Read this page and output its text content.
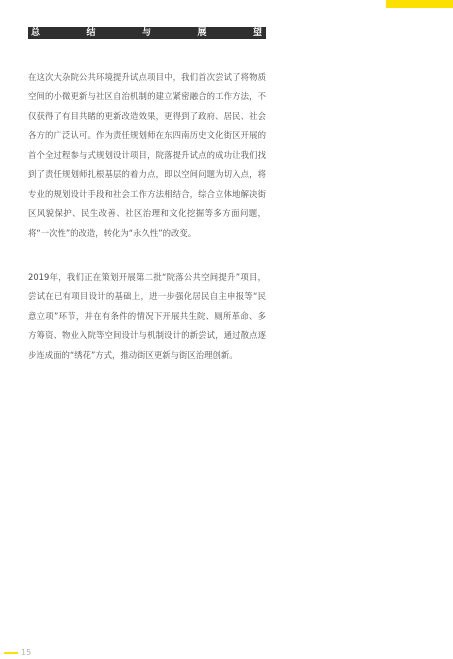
总	结	与	展	望

在这次大杂院公共环境提升试点项目中，我们首次尝试了将物质空间的小微更新与社区自治机制的建立紧密融合的工作方法，不仅获得了有目共睹的更新改造效果，更得到了政府、居民、社会各方的广泛认可。作为责任规划师在东四南历史文化街区开展的首个全过程参与式规划设计项目，院落提升试点的成功让我们找到了责任规划师扎根基层的着力点，即以空间问题为切入点，将专业的规划设计手段和社会工作方法相结合，综合立体地解决街区风貌保护、民生改善、社区治理和文化挖掘等多方面问题，将“一次性”的改造，转化为“永久性”的改变。

2019年，我们正在策划开展第二批“院落公共空间提升”项目，尝试在已有项目设计的基础上，进一步强化居民自主申报等“民意立项”环节，并在有条件的情况下开展共生院、厕所革命、多方筹资、物业入院等空间设计与机制设计的新尝试，通过散点逐步连成面的“绣花”方式，推动街区更新与街区治理创新。

15
